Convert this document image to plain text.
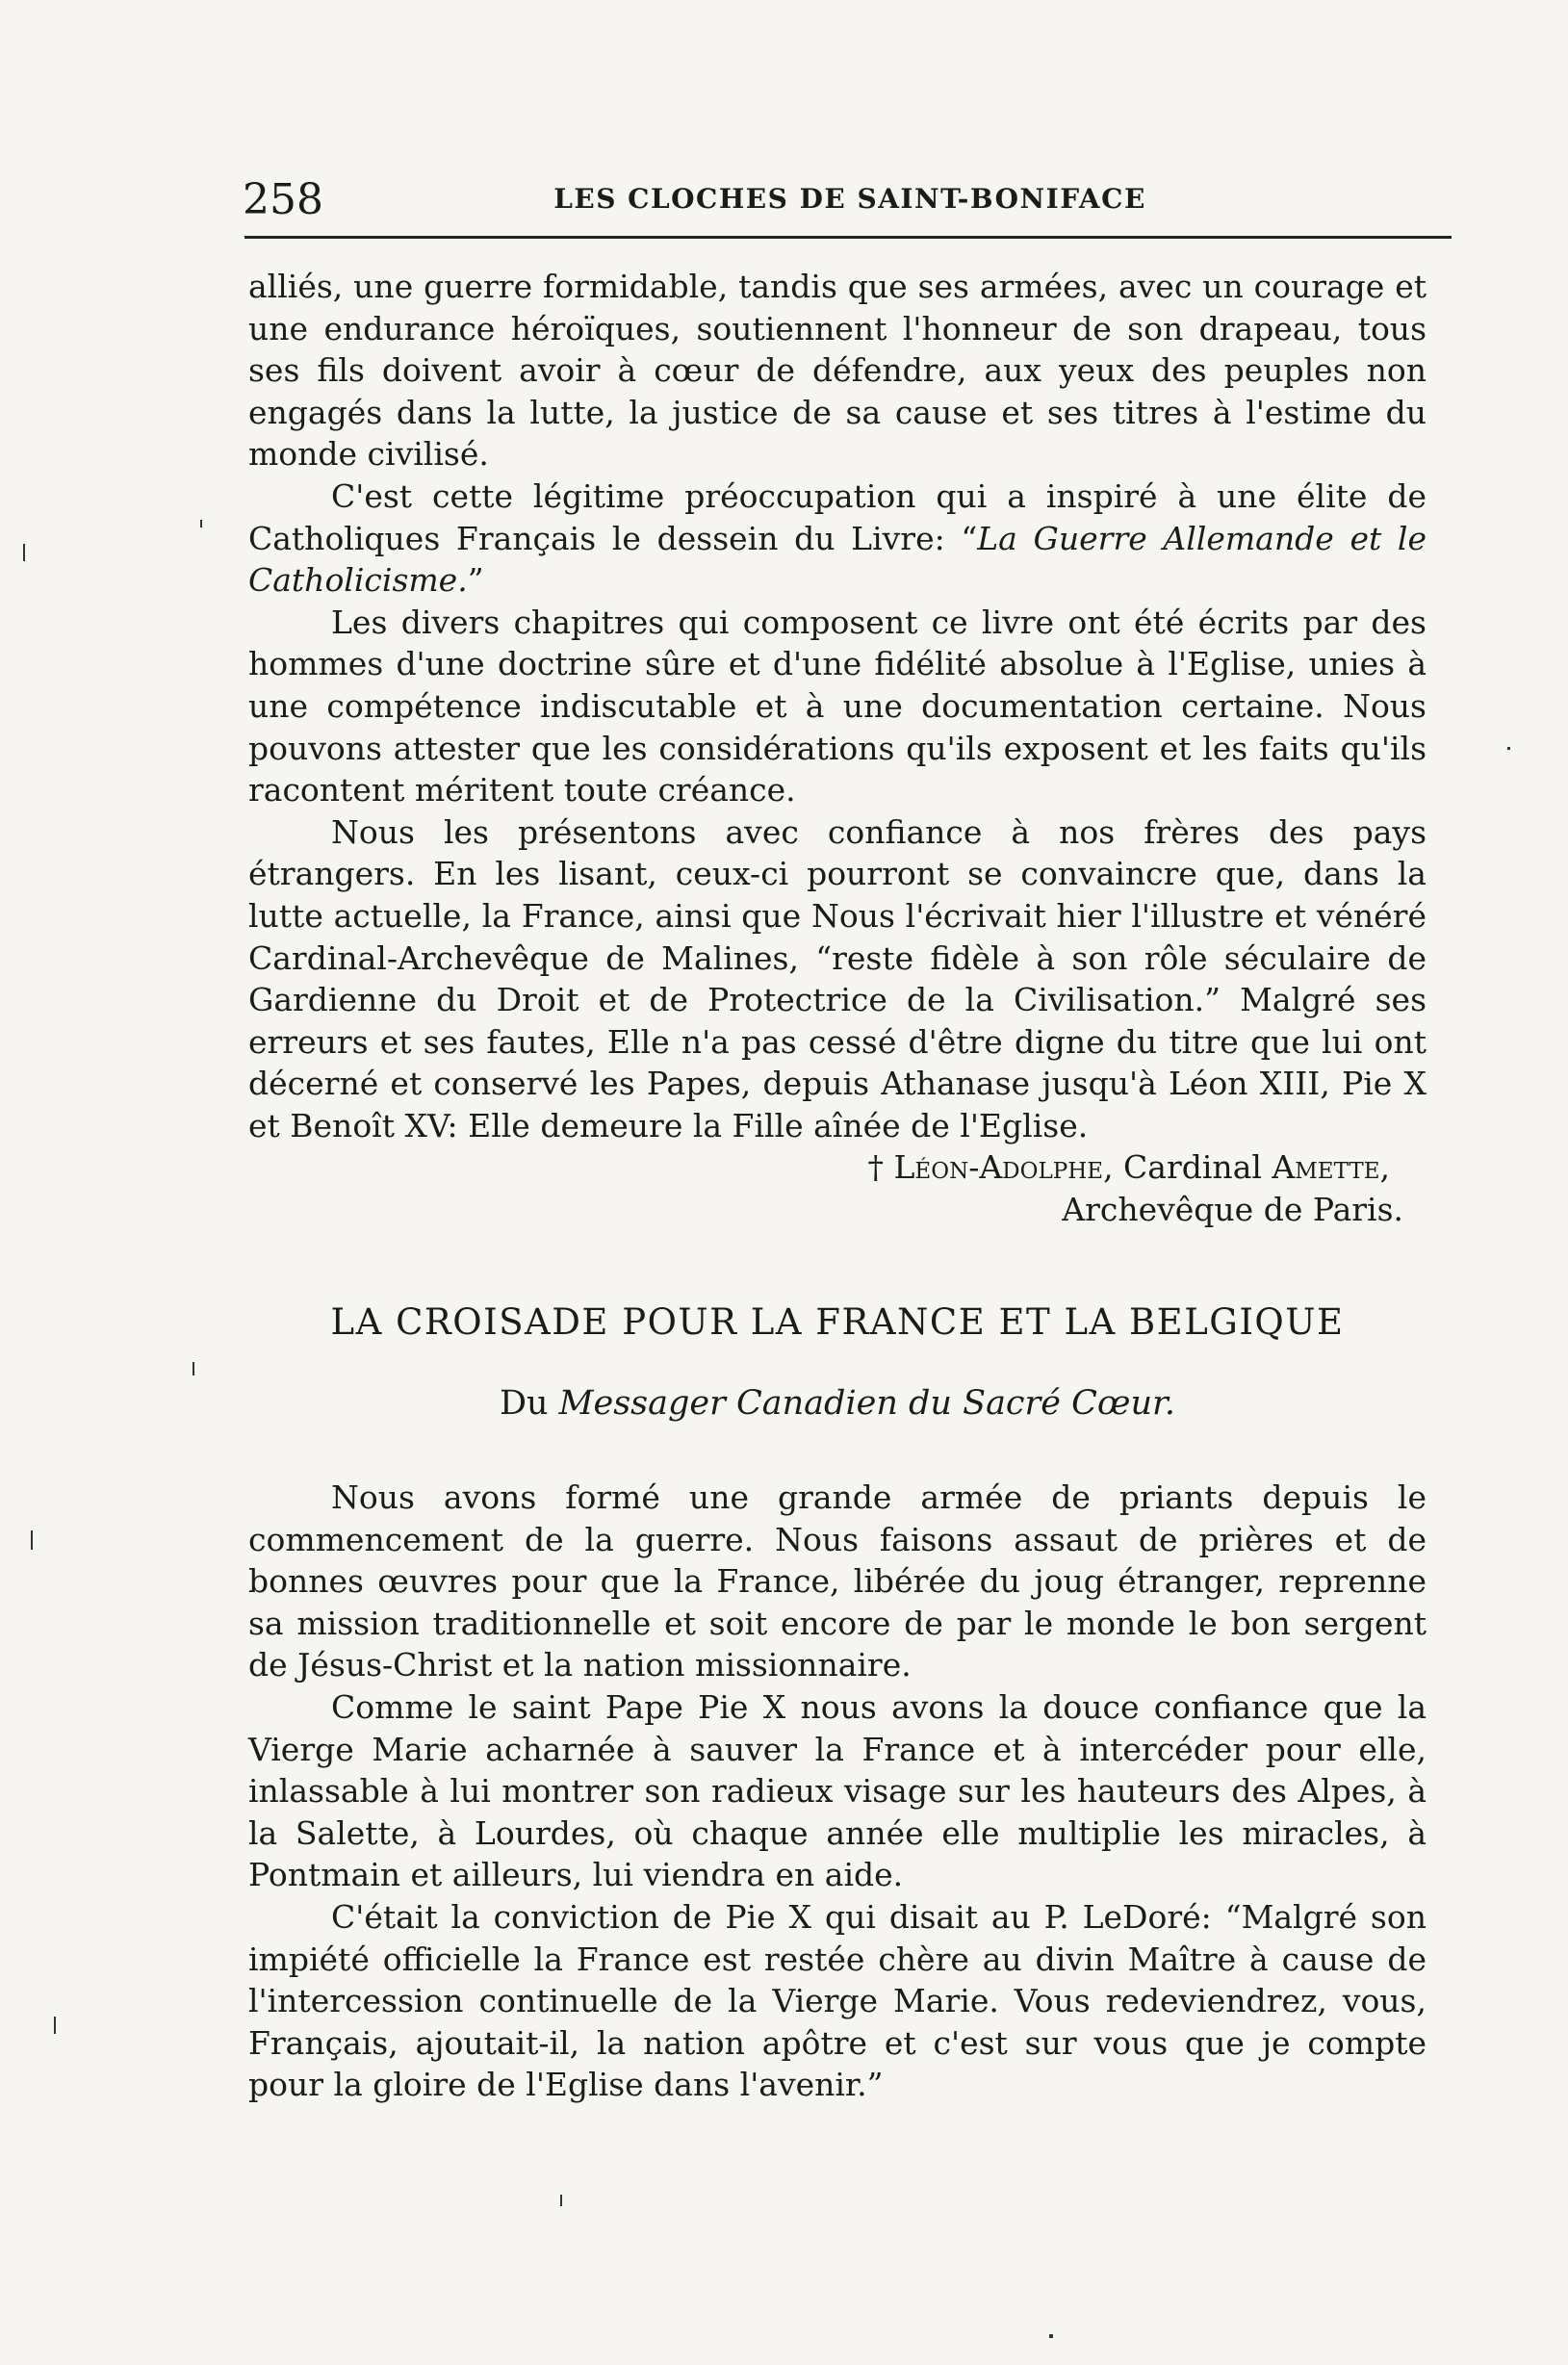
258	LES CLOCHES DE SAINT-BONIFACE

alliés, une guerre formidable, tandis que ses armées, avec un courage et une endurance héroïques, soutiennent l'honneur de son drapeau, tous ses fils doivent avoir à cœur de défendre, aux yeux des peuples non engagés dans la lutte, la justice de sa cause et ses titres à l'estime du monde civilisé.

C'est cette légitime préoccupation qui a inspiré à une élite de Catholiques Français le dessein du Livre: “La Guerre Allemande et le Catholicisme.”

Les divers chapitres qui composent ce livre ont été écrits par des hommes d'une doctrine sûre et d'une fidélité absolue à l'Eglise, unies à une compétence indiscutable et à une documentation certaine. Nous pouvons attester que les considérations qu'ils exposent et les faits qu'ils racontent méritent toute créance.

Nous les présentons avec confiance à nos frères des pays étrangers. En les lisant, ceux-ci pourront se convaincre que, dans la lutte actuelle, la France, ainsi que Nous l'écrivait hier l'illustre et vénéré Cardinal-Archevêque de Malines, “reste fidèle à son rôle séculaire de Gardienne du Droit et de Protectrice de la Civilisation.” Malgré ses erreurs et ses fautes, Elle n'a pas cessé d'être digne du titre que lui ont décerné et conservé les Papes, depuis Athanase jusqu'à Léon XIII, Pie X et Benoît XV: Elle demeure la Fille aînée de l'Eglise.

† Léon-Adolphe, Cardinal Amette,

Archevêque de Paris.

LA CROISADE POUR LA FRANCE ET LA BELGIQUE
Du Messager Canadien du Sacré Cœur.

Nous avons formé une grande armée de priants depuis le commencement de la guerre. Nous faisons assaut de prières et de bonnes œuvres pour que la France, libérée du joug étranger, reprenne sa mission traditionnelle et soit encore de par le monde le bon sergent de Jésus-Christ et la nation missionnaire.

Comme le saint Pape Pie X nous avons la douce confiance que la Vierge Marie acharnée à sauver la France et à intercéder pour elle, inlassable à lui montrer son radieux visage sur les hauteurs des Alpes, à la Salette, à Lourdes, où chaque année elle multiplie les miracles, à Pontmain et ailleurs, lui viendra en aide.

C'était la conviction de Pie X qui disait au P. LeDoré: “Malgré son impiété officielle la France est restée chère au divin Maître à cause de l'intercession continuelle de la Vierge Marie. Vous redeviendrez, vous, Français, ajoutait-il, la nation apôtre et c'est sur vous que je compte pour la gloire de l'Eglise dans l'avenir.”
